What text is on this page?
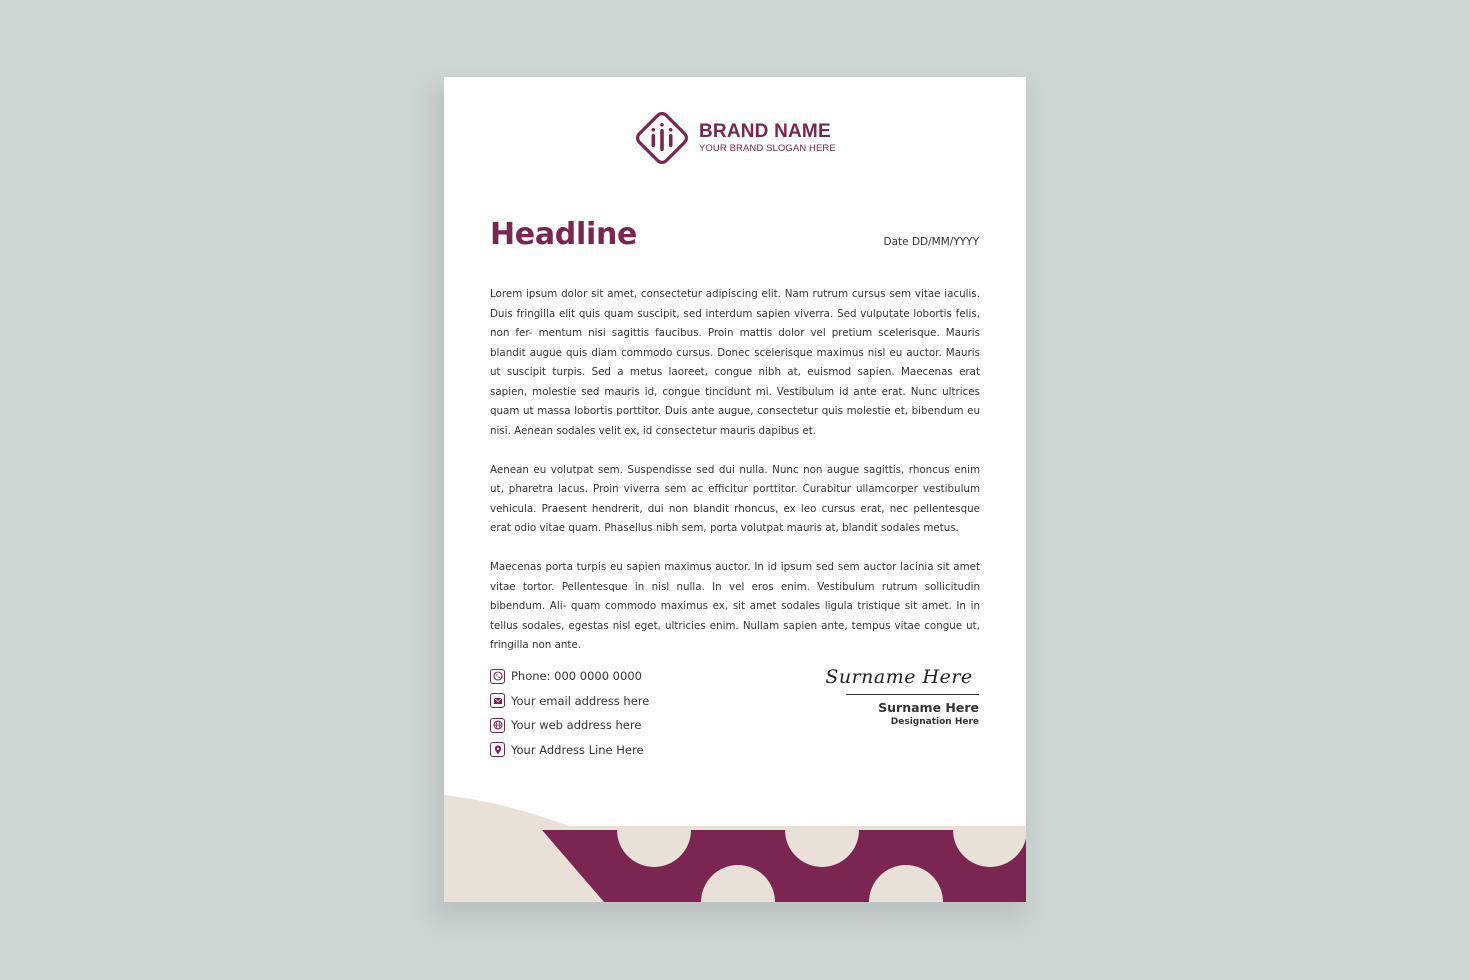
BRAND NAME
YOUR BRAND SLOGAN HERE
Headline	Date DD/MM/YYYY

Lorem ipsum dolor sit amet, consectetur adipiscing elit. Nam rutrum cursus sem vitae iaculis. Duis fringilla elit quis quam suscipit, sed interdum sapien viverra. Sed vulputate lobortis felis, non fer- mentum nisi sagittis faucibus. Proin mattis dolor vel pretium scelerisque. Mauris blandit augue quis diam commodo cursus. Donec scelerisque maximus nisl eu auctor. Mauris ut suscipit turpis. Sed a metus laoreet, congue nibh at, euismod sapien. Maecenas erat sapien, molestie sed mauris id, congue tincidunt mi. Vestibulum id ante erat. Nunc ultrices quam ut massa lobortis porttitor. Duis ante augue, consectetur quis molestie et, bibendum eu nisi. Aenean sodales velit ex, id consectetur mauris dapibus et.

Aenean eu volutpat sem. Suspendisse sed dui nulla. Nunc non augue sagittis, rhoncus enim ut, pharetra lacus. Proin viverra sem ac efficitur porttitor. Curabitur ullamcorper vestibulum vehicula. Praesent hendrerit, dui non blandit rhoncus, ex leo cursus erat, nec pellentesque erat odio vitae quam. Phasellus nibh sem, porta volutpat mauris at, blandit sodales metus.

Maecenas porta turpis eu sapien maximus auctor. In id ipsum sed sem auctor lacinia sit amet vitae tortor. Pellentesque in nisl nulla. In vel eros enim. Vestibulum rutrum sollicitudin bibendum. Ali- quam commodo maximus ex, sit amet sodales ligula tristique sit amet. In in tellus sodales, egestas nisl eget, ultricies enim. Nullam sapien ante, tempus vitae congue ut, fringilla non ante.

Phone: 000 0000 0000
Your email address here
Your web address here
Your Address Line Here
Surname Here
Surname Here
Designation Here
